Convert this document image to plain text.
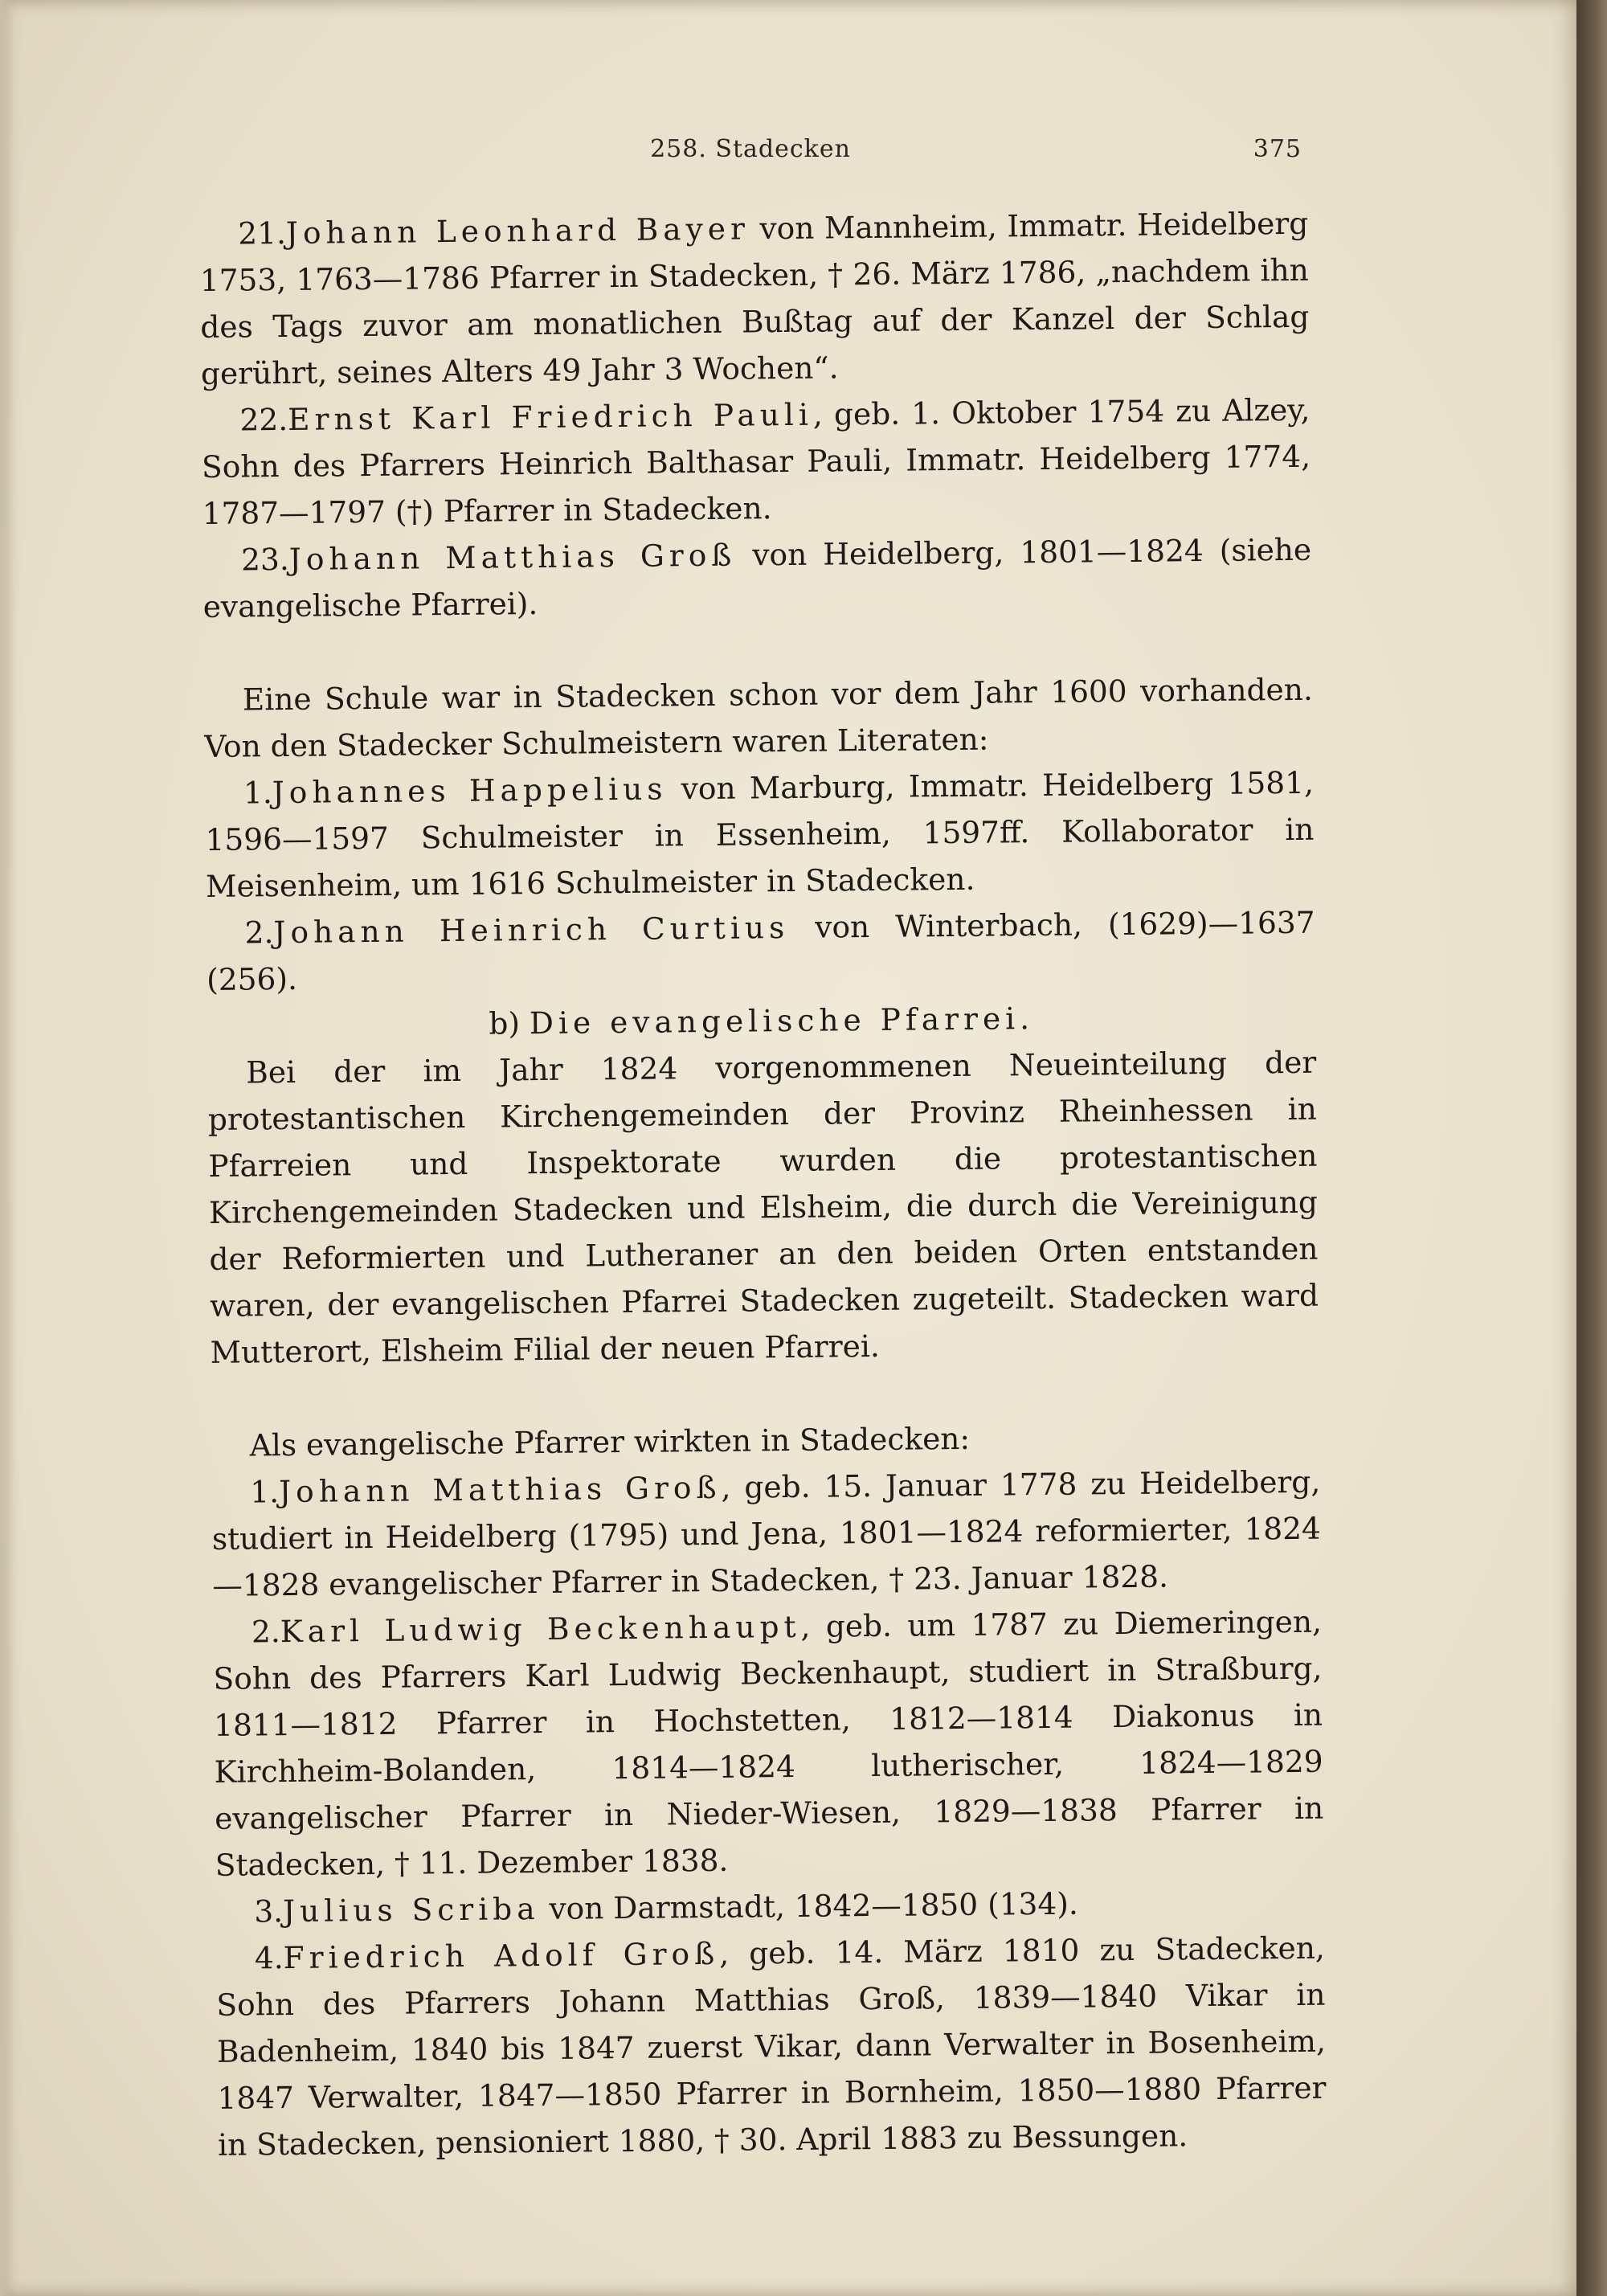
258. Stadecken	375

21.Johann Leonhard Bayer von Mannheim, Immatr. Heidelberg 1753, 1763—1786 Pfarrer in Stadecken, † 26. März 1786, „nachdem ihn des Tags zuvor am monatlichen Bußtag auf der Kanzel der Schlag gerührt, seines Alters 49 Jahr 3 Wochen“.

22.Ernst Karl Friedrich Pauli, geb. 1. Oktober 1754 zu Alzey, Sohn des Pfarrers Heinrich Balthasar Pauli, Immatr. Heidelberg 1774, 1787—1797 (†) Pfarrer in Stadecken.

23.Johann Matthias Groß von Heidelberg, 1801—1824 (siehe evangelische Pfarrei).

Eine Schule war in Stadecken schon vor dem Jahr 1600 vorhanden. Von den Stadecker Schulmeistern waren Literaten:

1.Johannes Happelius von Marburg, Immatr. Heidelberg 1581, 1596—1597 Schulmeister in Essenheim, 1597ff. Kollaborator in Meisenheim, um 1616 Schulmeister in Stadecken.

2.Johann Heinrich Curtius von Winterbach, (1629)—1637 (256).

b) Die evangelische Pfarrei.

Bei der im Jahr 1824 vorgenommenen Neueinteilung der protestantischen Kirchengemeinden der Provinz Rheinhessen in Pfarreien und Inspektorate wurden die protestantischen Kirchengemeinden Stadecken und Elsheim, die durch die Vereinigung der Reformierten und Lutheraner an den beiden Orten entstanden waren, der evangelischen Pfarrei Stadecken zugeteilt. Stadecken ward Mutterort, Elsheim Filial der neuen Pfarrei.

Als evangelische Pfarrer wirkten in Stadecken:

1.Johann Matthias Groß, geb. 15. Januar 1778 zu Heidelberg, studiert in Heidelberg (1795) und Jena, 1801—1824 reformierter, 1824—1828 evangelischer Pfarrer in Stadecken, † 23. Januar 1828.

2.Karl Ludwig Beckenhaupt, geb. um 1787 zu Diemeringen, Sohn des Pfarrers Karl Ludwig Beckenhaupt, studiert in Straßburg, 1811—1812 Pfarrer in Hochstetten, 1812—1814 Diakonus in Kirchheim-Bolanden, 1814—1824 lutherischer, 1824—1829 evangelischer Pfarrer in Nieder-Wiesen, 1829—1838 Pfarrer in Stadecken, † 11. Dezember 1838.

3.Julius Scriba von Darmstadt, 1842—1850 (134).

4.Friedrich Adolf Groß, geb. 14. März 1810 zu Stadecken, Sohn des Pfarrers Johann Matthias Groß, 1839—1840 Vikar in Badenheim, 1840 bis 1847 zuerst Vikar, dann Verwalter in Bosenheim, 1847 Verwalter, 1847—1850 Pfarrer in Bornheim, 1850—1880 Pfarrer in Stadecken, pensioniert 1880, † 30. April 1883 zu Bessungen.
